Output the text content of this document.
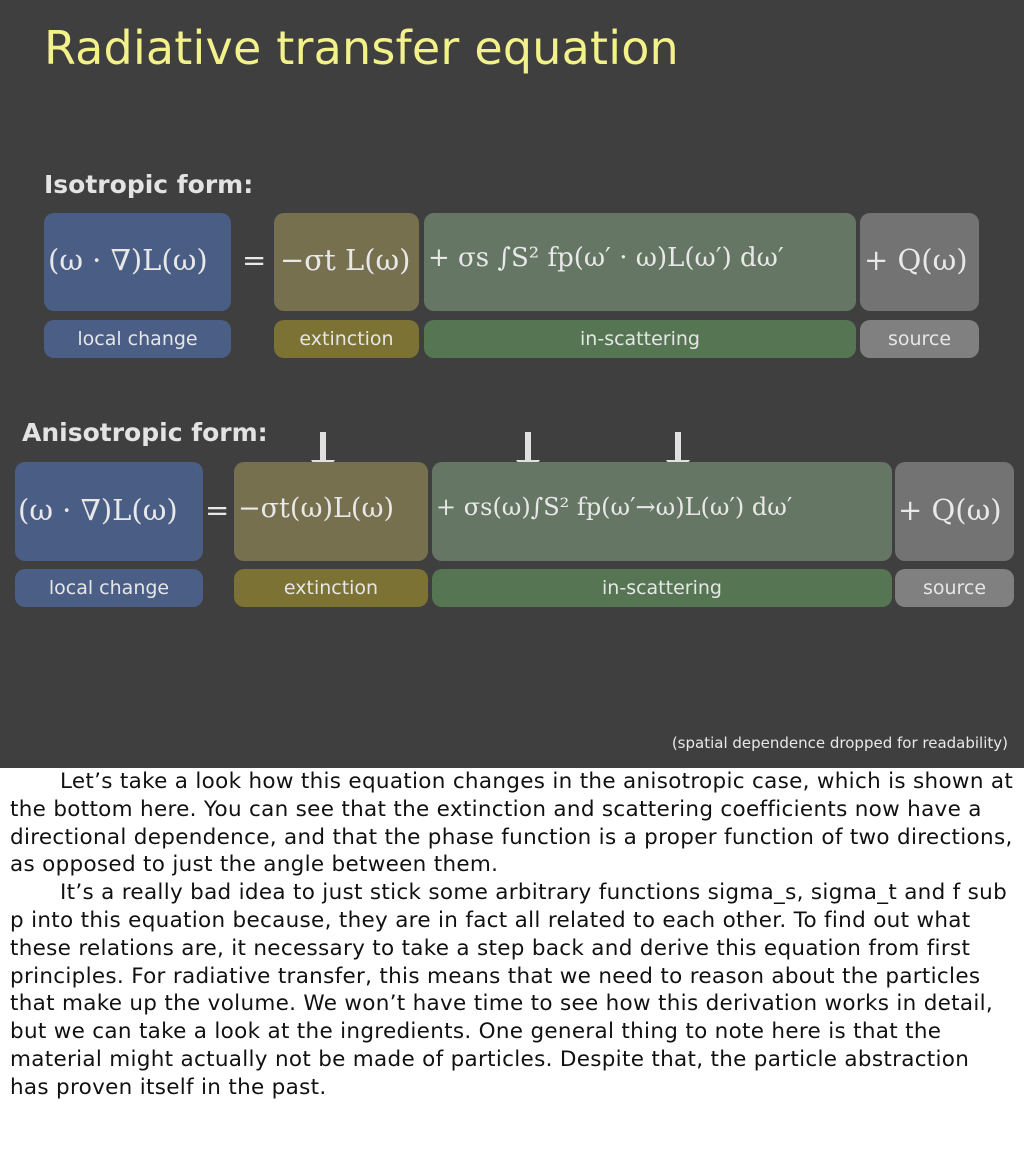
Radiative transfer equation
Isotropic form:
(ω · ∇)L(ω) = −σt L(ω) + σs ∫S² fp(ω′ · ω)L(ω′) dω′	+ Q(ω)
local change	extinction	in-scattering	source
Anisotropic form:
(ω · ∇)L(ω) = −σt(ω)L(ω) + σs(ω)∫S² fp(ω′→ω)L(ω′) dω′	+ Q(ω)
local change	extinction	in-scattering	source
(spatial dependence dropped for readability)

Let’s take a look how this equation changes in the anisotropic case, which is shown at the bottom here. You can see that the extinction and scattering coefficients now have a directional dependence, and that the phase function is a proper function of two directions, as opposed to just the angle between them.

It’s a really bad idea to just stick some arbitrary functions sigma_s, sigma_t and f sub p into this equation because, they are in fact all related to each other. To find out what these relations are, it necessary to take a step back and derive this equation from first principles. For radiative transfer, this means that we need to reason about the particles that make up the volume. We won’t have time to see how this derivation works in detail, but we can take a look at the ingredients. One general thing to note here is that the material might actually not be made of particles. Despite that, the particle abstraction has proven itself in the past.
